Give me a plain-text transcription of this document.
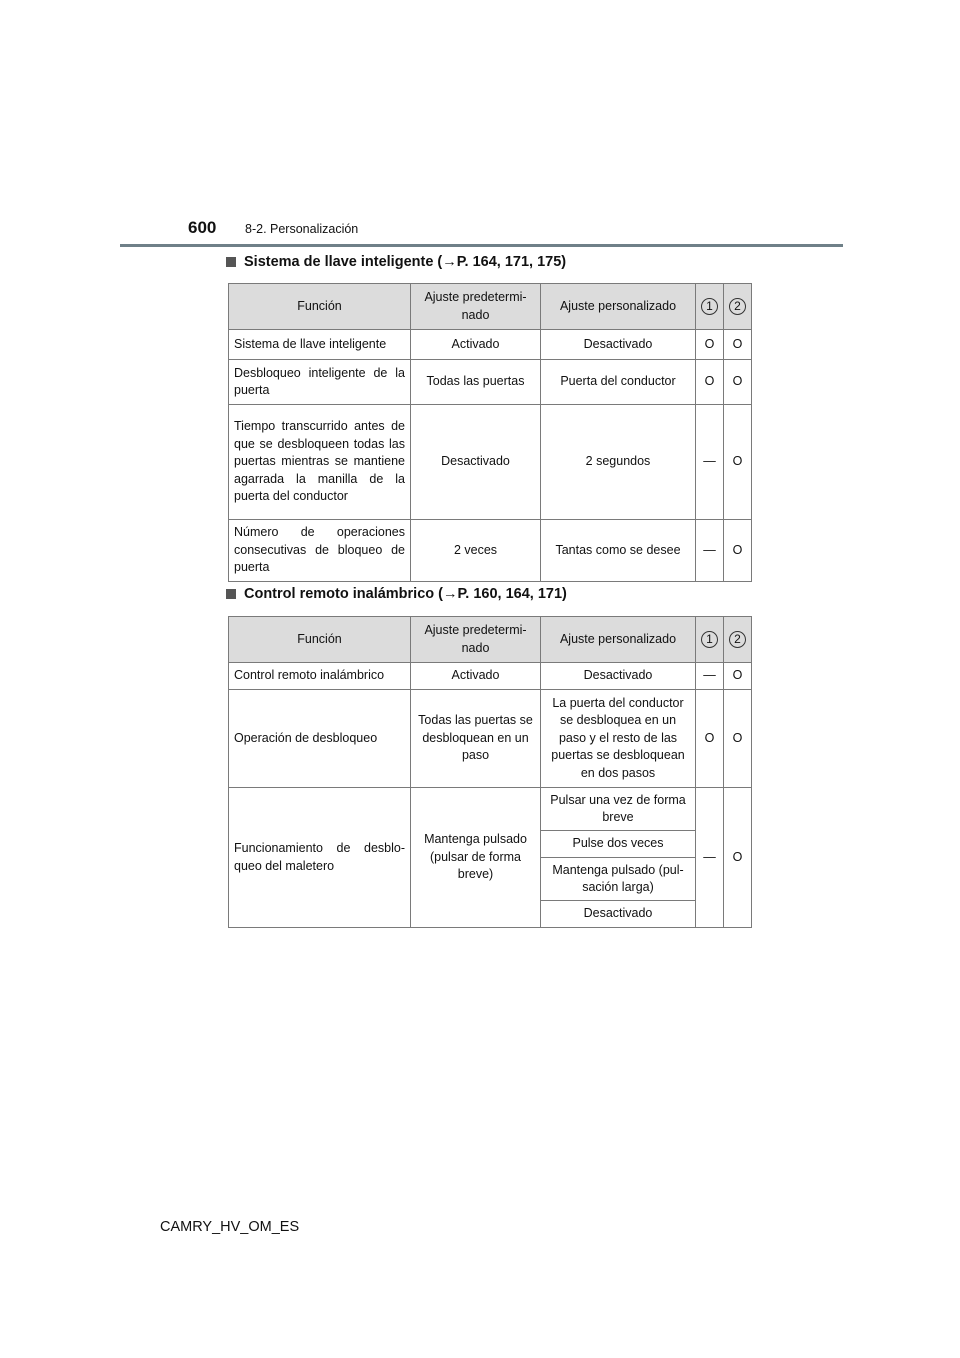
600 8-2. Personalización
Sistema de llave inteligente (→P. 164, 171, 175)
Función	Ajuste predetermi-nado	Ajuste personalizado	1	2
Sistema de llave inteligente	Activado	Desactivado	O	O
Desbloqueo inteligente de la puerta	Todas las puertas	Puerta del conductor	O	O
Tiempo transcurrido antes de que se desbloqueen todas las puertas mientras se mantiene agarrada la manilla de la puerta del conductor	Desactivado	2 segundos	—	O
Número de operaciones consecutivas de bloqueo de puerta	2 veces	Tantas como se desee	—	O
Control remoto inalámbrico (→P. 160, 164, 171)
Función	Ajuste predetermi-nado	Ajuste personalizado	1	2
Control remoto inalámbrico	Activado	Desactivado	—	O
Operación de desbloqueo	Todas las puertas se desbloquean en un paso	La puerta del conductor se desbloquea en un paso y el resto de las puertas se desbloquean en dos pasos	O	O
Funcionamiento de desblo-queo del maletero	Mantenga pulsado (pulsar de forma breve)	Pulsar una vez de forma breve	—	O
		Pulse dos veces		
		Mantenga pulsado (pul-sación larga)		
		Desactivado		
CAMRY_HV_OM_ES
